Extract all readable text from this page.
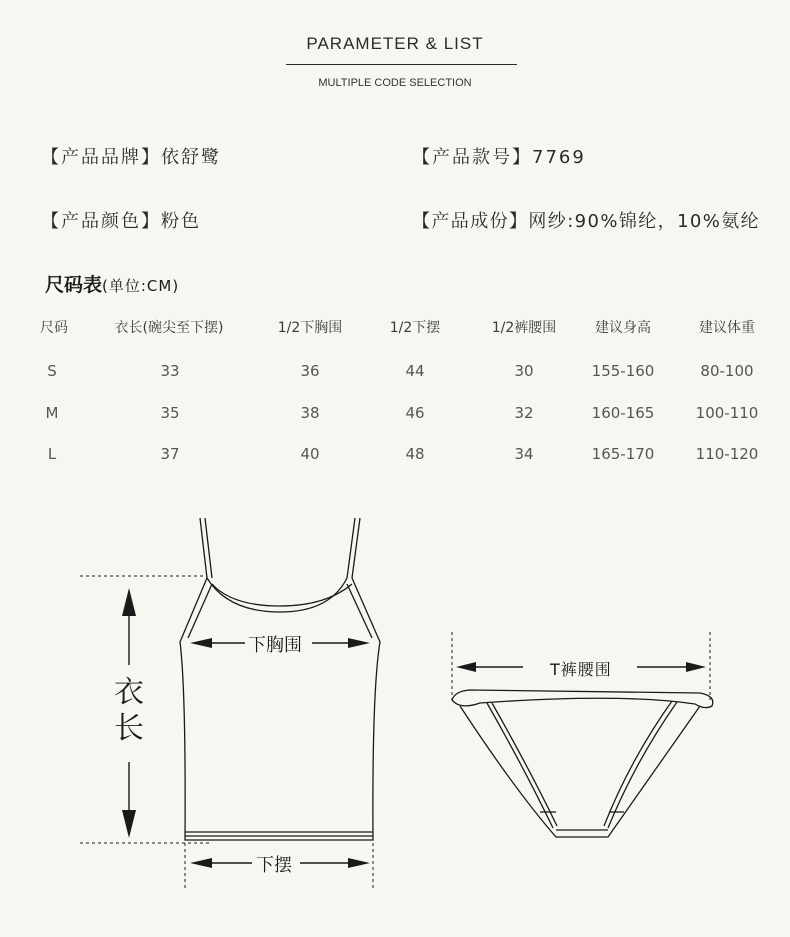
PARAMETER & LIST
MULTIPLE CODE SELECTION
【产品品牌】依舒鹭	【产品款号】7769
【产品颜色】粉色	【产品成份】网纱:90%锦纶，10%氨纶
尺码表(单位:CM)
尺码	衣长(碗尖至下摆)	1/2下胸围	1/2下摆	1/2裤腰围	建议身高	建议体重
S	33	36	44	30	155-160	80-100
M	35	38	46	32	160-165	100-110
L	37	40	48	34	165-170	110-120
下胸围
下摆
衣
长
T裤腰围
